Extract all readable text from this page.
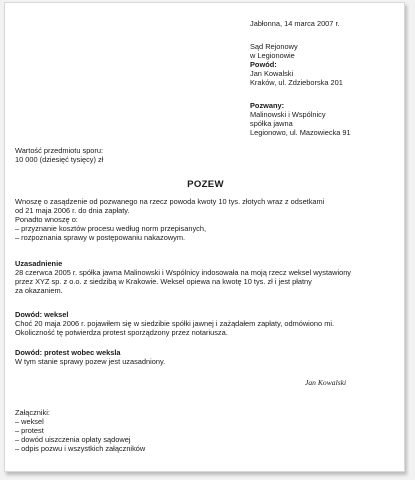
Jabłonna, 14 marca 2007 r.
Sąd Rejonowy
w Legionowie
Powód:
Jan Kowalski
Kraków, ul. Zdzieborska 201
Pozwany:
Malinowski i Wspólnicy
spółka jawna
Legionowo, ul. Mazowiecka 91
Wartość przedmiotu sporu:
10 000 (dziesięć tysięcy) zł
POZEW
Wnoszę o zasądzenie od pozwanego na rzecz powoda kwoty 10 tys. złotych wraz z odsetkami
od 21 maja 2006 r. do dnia zapłaty.
Ponadto wnoszę o:
– przyznanie kosztów procesu według norm przepisanych,
– rozpoznania sprawy w postępowaniu nakazowym.
Uzasadnienie
28 czerwca 2005 r. spółka jawna Malinowski i Wspólnicy indosowała na moją rzecz weksel wystawiony
przez XYZ sp. z o.o. z siedzibą w Krakowie. Weksel opiewa na kwotę 10 tys. zł i jest płatny
za okazaniem.
Dowód: weksel
Choć 20 maja 2006 r. pojawiłem się w siedzibie spółki jawnej i zażądałem zapłaty, odmówiono mi.
Okoliczność tę potwierdza protest sporządzony przez notariusza.
Dowód: protest wobec weksla
W tym stanie sprawy pozew jest uzasadniony.
Jan Kowalski
Załączniki:
– weksel
– protest
– dowód uiszczenia opłaty sądowej
– odpis pozwu i wszystkich załączników
